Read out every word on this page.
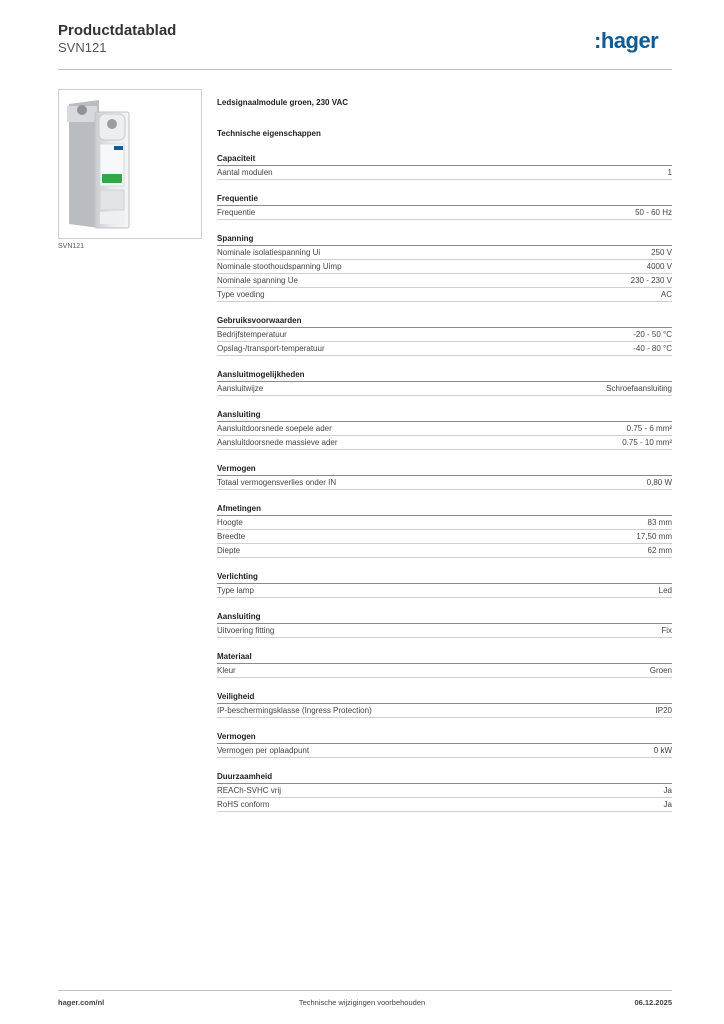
Productdatablad
SVN121	:hager
SVN121
Ledsignaalmodule groen, 230 VAC
Technische eigenschappen
Capaciteit
Aantal modulen	1
Frequentie
Frequentie	50 - 60 Hz
Spanning
Nominale isolatiespanning Ui	250 V
Nominale stoothoudspanning Uimp	4000 V
Nominale spanning Ue	230 - 230 V
Type voeding	AC
Gebruiksvoorwaarden
Bedrijfstemperatuur	-20 - 50 °C
Opslag-/transport-temperatuur	-40 - 80 °C
Aansluitmogelijkheden
Aansluitwijze	Schroefaansluiting
Aansluiting
Aansluitdoorsnede soepele ader	0.75 - 6 mm²
Aansluitdoorsnede massieve ader	0.75 - 10 mm²
Vermogen
Totaal vermogensverlies onder IN	0,80 W
Afmetingen
Hoogte	83 mm
Breedte	17,50 mm
Diepte	62 mm
Verlichting
Type lamp	Led
Aansluiting
Uitvoering fitting	Fix
Materiaal
Kleur	Groen
Veiligheid
IP-beschermingsklasse (Ingress Protection)	IP20
Vermogen
Vermogen per oplaadpunt	0 kW
Duurzaamheid
REACh-SVHC vrij	Ja
RoHS conform	Ja
hager.com/nl	Technische wijzigingen voorbehouden	06.12.2025
